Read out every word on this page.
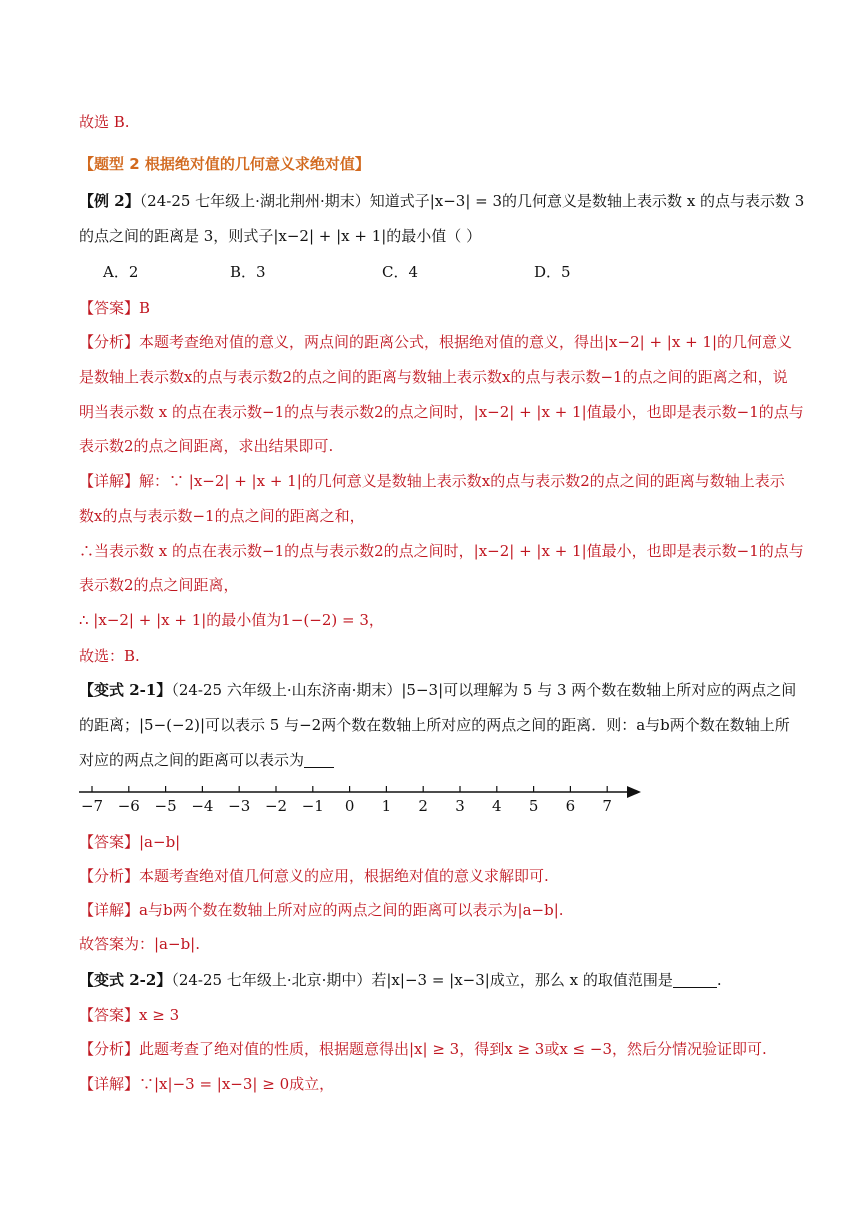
故选 B.
【题型 2 根据绝对值的几何意义求绝对值】
【例 2】（24-25 七年级上·湖北荆州·期末）知道式子|x−3| = 3的几何意义是数轴上表示数 x 的点与表示数 3
的点之间的距离是 3，则式子|x−2| + |x + 1|的最小值（ ）
A．2	B．3	C．4	D．5
【答案】B
【分析】本题考查绝对值的意义，两点间的距离公式，根据绝对值的意义，得出|x−2| + |x + 1|的几何意义
是数轴上表示数x的点与表示数2的点之间的距离与数轴上表示数x的点与表示数−1的点之间的距离之和，说
明当表示数 x 的点在表示数−1的点与表示数2的点之间时，|x−2| + |x + 1|值最小，也即是表示数−1的点与
表示数2的点之间距离，求出结果即可.
【详解】解：∵ |x−2| + |x + 1|的几何意义是数轴上表示数x的点与表示数2的点之间的距离与数轴上表示
数x的点与表示数−1的点之间的距离之和，
∴当表示数 x 的点在表示数−1的点与表示数2的点之间时，|x−2| + |x + 1|值最小，也即是表示数−1的点与
表示数2的点之间距离，
∴ |x−2| + |x + 1|的最小值为1−(−2) = 3，
故选：B.
【变式 2-1】（24-25 六年级上·山东济南·期末）|5−3|可以理解为 5 与 3 两个数在数轴上所对应的两点之间
的距离；|5−(−2)|可以表示 5 与−2两个数在数轴上所对应的两点之间的距离．则：a与b两个数在数轴上所
对应的两点之间的距离可以表示为
−7 −6 −5 −4 −3 −2 −1 0 1 2 3 4 5 6 7
【答案】|a−b|
【分析】本题考查绝对值几何意义的应用，根据绝对值的意义求解即可.
【详解】a与b两个数在数轴上所对应的两点之间的距离可以表示为|a−b|.
故答案为：|a−b|.
【变式 2-2】（24-25 七年级上·北京·期中）若|x|−3 = |x−3|成立，那么 x 的取值范围是	.
【答案】x ≥ 3
【分析】此题考查了绝对值的性质，根据题意得出|x| ≥ 3，得到x ≥ 3或x ≤ −3，然后分情况验证即可.
【详解】∵|x|−3 = |x−3| ≥ 0成立，
